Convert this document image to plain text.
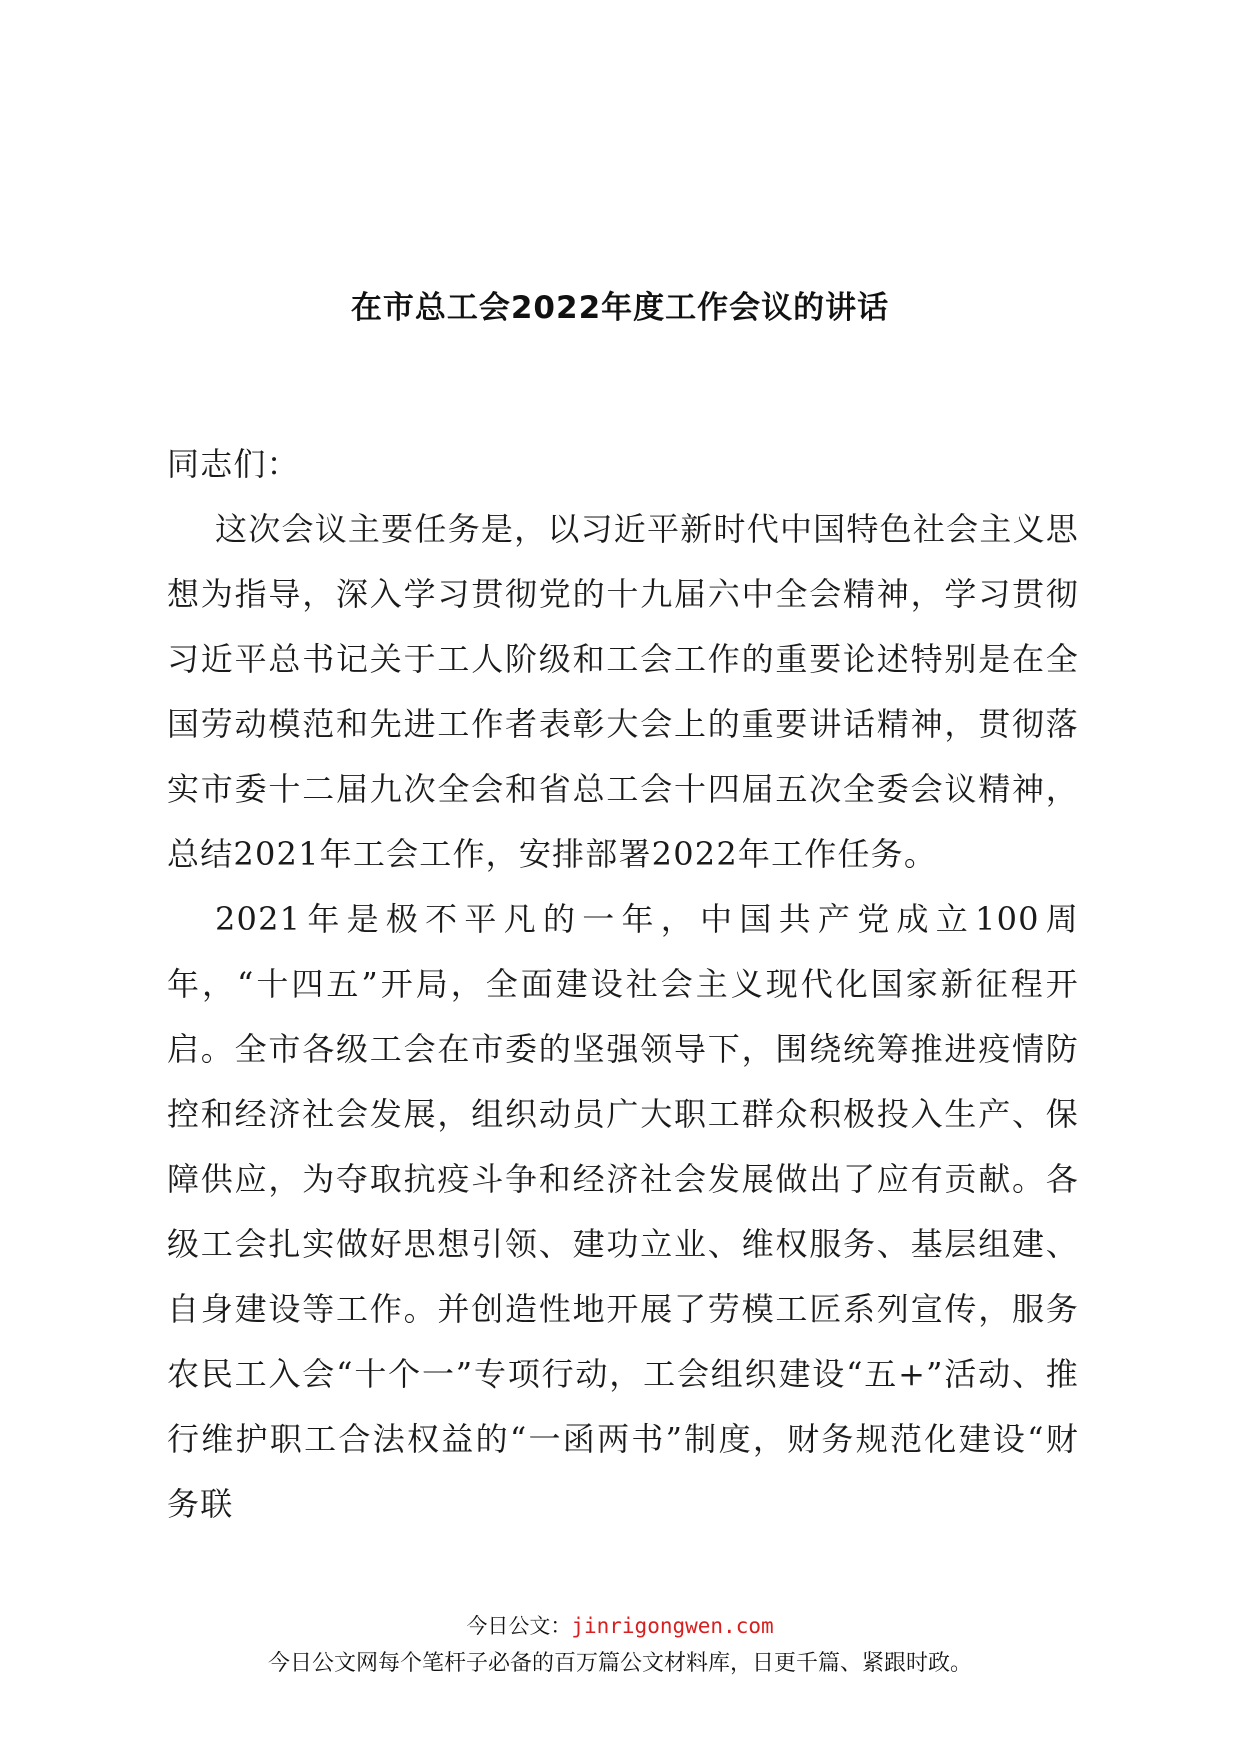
在市总工会2022年度工作会议的讲话

同志们：

这次会议主要任务是，以习近平新时代中国特色社会主义思想为指导，深入学习贯彻党的十九届六中全会精神，学习贯彻习近平总书记关于工人阶级和工会工作的重要论述特别是在全国劳动模范和先进工作者表彰大会上的重要讲话精神，贯彻落实市委十二届九次全会和省总工会十四届五次全委会议精神，总结2021年工会工作，安排部署2022年工作任务。

2021年是极不平凡的一年，中国共产党成立100周年，“十四五”开局，全面建设社会主义现代化国家新征程开启。全市各级工会在市委的坚强领导下，围绕统筹推进疫情防控和经济社会发展，组织动员广大职工群众积极投入生产、保障供应，为夺取抗疫斗争和经济社会发展做出了应有贡献。各级工会扎实做好思想引领、建功立业、维权服务、基层组建、自身建设等工作。并创造性地开展了劳模工匠系列宣传，服务农民工入会“十个一”专项行动，工会组织建设“五+”活动、推行维护职工合法权益的“一函两书”制度，财务规范化建设“财务联

今日公文：jinrigongwen.com
今日公文网每个笔杆子必备的百万篇公文材料库，日更千篇、紧跟时政。
